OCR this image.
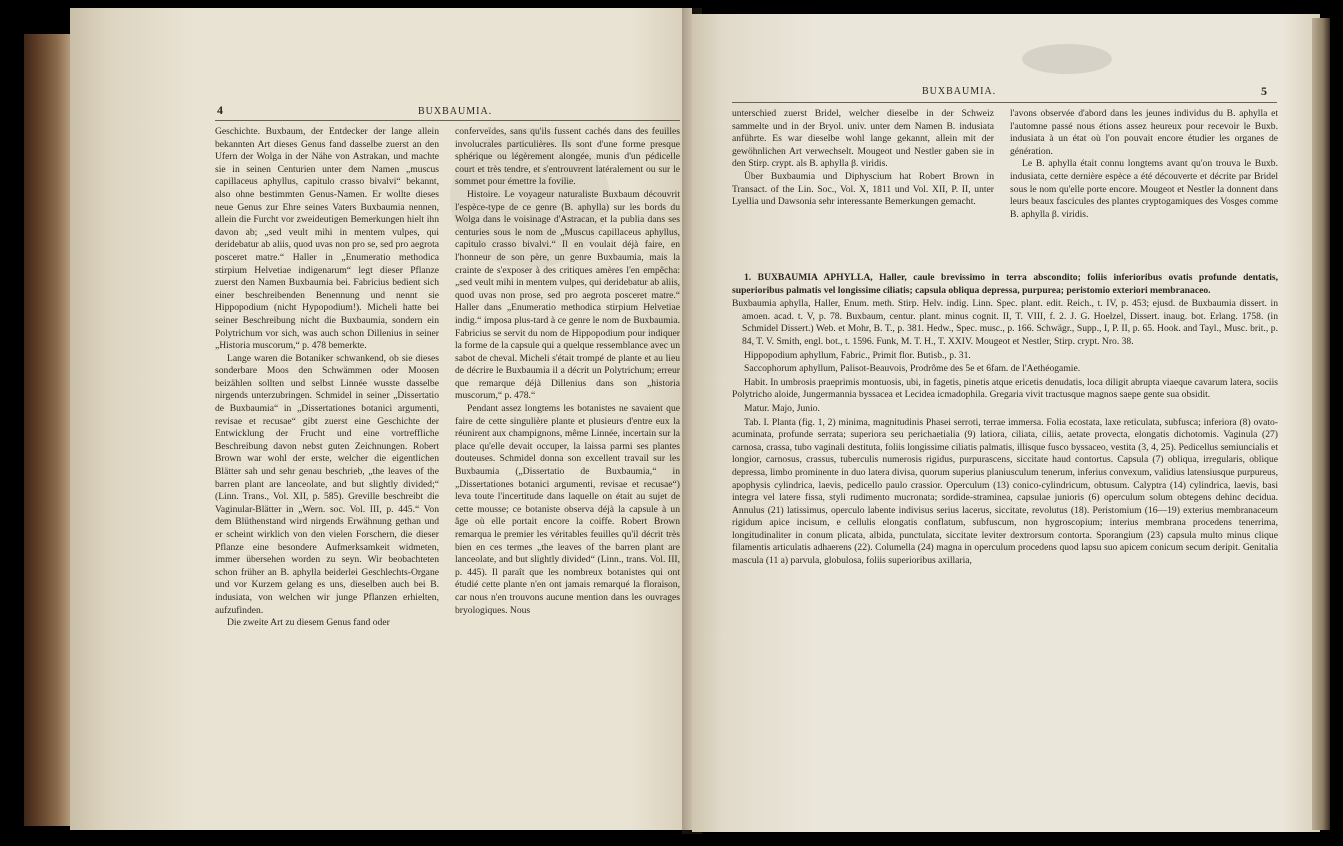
4	BUXBAUMIA.

Geschichte. Buxbaum, der Entdecker der lange allein bekannten Art dieses Genus fand dasselbe zuerst an den Ufern der Wolga in der Nähe von Astrakan, und machte sie in seinen Centurien unter dem Namen „muscus capillaceus aphyllus, capitulo crasso bivalvi“ bekannt, also ohne bestimmten Genus-Namen. Er wollte dieses neue Genus zur Ehre seines Vaters Buxbaumia nennen, allein die Furcht vor zweideutigen Bemerkungen hielt ihn davon ab; „sed veult mihi in mentem vulpes, qui deridebatur ab aliis, quod uvas non pro se, sed pro aegrota posceret matre.“ Haller in „Enumeratio methodica stirpium Helvetiae indigenarum“ legt dieser Pflanze zuerst den Namen Buxbaumia bei. Fabricius bedient sich einer beschreibenden Benennung und nennt sie Hippopodium (nicht Hypopodium!). Micheli hatte bei seiner Beschreibung nicht die Buxbaumia, sondern ein Polytrichum vor sich, was auch schon Dillenius in seiner „Historia muscorum,“ p. 478 bemerkte.

Lange waren die Botaniker schwankend, ob sie dieses sonderbare Moos den Schwämmen oder Moosen beizählen sollten und selbst Linnée wusste dasselbe nirgends unterzubringen. Schmidel in seiner „Dissertatio de Buxbaumia“ in „Dissertationes botanici argumenti, revisae et recusae“ gibt zuerst eine Geschichte der Entwicklung der Frucht und eine vortreffliche Beschreibung davon nebst guten Zeichnungen. Robert Brown war wohl der erste, welcher die eigentlichen Blätter sah und sehr genau beschrieb, „the leaves of the barren plant are lanceolate, and but slightly divided;“ (Linn. Trans., Vol. XII, p. 585). Greville beschreibt die Vaginular-Blätter in „Wern. soc. Vol. III, p. 445.“ Von dem Blüthenstand wird nirgends Erwähnung gethan und er scheint wirklich von den vielen Forschern, die dieser Pflanze eine besondere Aufmerksamkeit widmeten, immer übersehen worden zu seyn. Wir beobachteten schon früher an B. aphylla beiderlei Geschlechts-Organe und vor Kurzem gelang es uns, dieselben auch bei B. indusiata, von welchen wir junge Pflanzen erhielten, aufzufinden.

Die zweite Art zu diesem Genus fand oder

conferveïdes, sans qu'ils fussent cachés dans des feuilles involucrales particulières. Ils sont d'une forme presque sphérique ou légèrement alongée, munis d'un pédicelle court et très tendre, et s'entrouvrent latéralement ou sur le sommet pour émettre la fovilie.

Histoire. Le voyageur naturaliste Buxbaum découvrit l'espèce-type de ce genre (B. aphylla) sur les bords du Wolga dans le voisinage d'Astracan, et la publia dans ses centuries sous le nom de „Muscus capillaceus aphyllus, capitulo crasso bivalvi.“ Il en voulait déjà faire, en l'honneur de son père, un genre Buxbaumia, mais la crainte de s'exposer à des critiques amères l'en empêcha: „sed veult mihi in mentem vulpes, qui deridebatur ab aliis, quod uvas non prose, sed pro aegrota posceret matre.“ Haller dans „Enumeratio methodica stirpium Helvetiae indig.“ imposa plus-tard à ce genre le nom de Buxbaumia. Fabricius se servit du nom de Hippopodium pour indiquer la forme de la capsule qui a quelque ressemblance avec un sabot de cheval. Micheli s'était trompé de plante et au lieu de décrire le Buxbaumia il a décrit un Polytrichum; erreur que remarque déjà Dillenius dans son „historia muscorum,“ p. 478.“

Pendant assez longtems les botanistes ne savaient que faire de cette singulière plante et plusieurs d'entre eux la réunirent aux champignons, même Linnée, incertain sur la place qu'elle devait occuper, la laissa parmi ses plantes douteuses. Schmidel donna son excellent travail sur les Buxbaumia („Dissertatio de Buxbaumia,“ in „Dissertationes botanici argumenti, revisae et recusae“) leva toute l'incertitude dans laquelle on était au sujet de cette mousse; ce botaniste observa déjà la capsule à un âge où elle portait encore la coiffe. Robert Brown remarqua le premier les véritables feuilles qu'il décrit très bien en ces termes „the leaves of the barren plant are lanceolate, and but slightly divided“ (Linn., trans. Vol. III, p. 445). Il paraît que les nombreux botanistes qui ont étudié cette plante n'en ont jamais remarqué la floraison, car nous n'en trouvons aucune mention dans les ouvrages bryologiques. Nous

BUXBAUMIA.	5

unterschied zuerst Bridel, welcher dieselbe in der Schweiz sammelte und in der Bryol. univ. unter dem Namen B. indusiata anführte. Es war dieselbe wohl lange gekannt, allein mit der gewöhnlichen Art verwechselt. Mougeot und Nestler gaben sie in den Stirp. crypt. als B. aphylla β. viridis.

Über Buxbaumia und Diphyscium hat Robert Brown in Transact. of the Lin. Soc., Vol. X, 1811 und Vol. XII, P. II, unter Lyellia und Dawsonia sehr interessante Bemerkungen gemacht.

l'avons observée d'abord dans les jeunes individus du B. aphylla et l'automne passé nous étions assez heureux pour recevoir le Buxb. indusiata à un état où l'on pouvait encore étudier les organes de génération.

Le B. aphylla était connu longtems avant qu'on trouva le Buxb. indusiata, cette dernière espèce a été découverte et décrite par Bridel sous le nom qu'elle porte encore. Mougeot et Nestler la donnent dans leurs beaux fascicules des plantes cryptogamiques des Vosges comme B. aphylla β. viridis.

1. BUXBAUMIA APHYLLA, Haller, caule brevissimo in terra abscondito; foliis inferioribus ovatis profunde dentatis, superioribus palmatis vel longissime ciliatis; capsula obliqua depressa, purpurea; peristomio exteriori membranaceo.

Buxbaumia aphylla, Haller, Enum. meth. Stirp. Helv. indig. Linn. Spec. plant. edit. Reich., t. IV, p. 453; ejusd. de Buxbaumia dissert. in amoen. acad. t. V, p. 78. Buxbaum, centur. plant. minus cognit. II, T. VIII, f. 2. J. G. Hoelzel, Dissert. inaug. bot. Erlang. 1758. (in Schmidel Dissert.) Web. et Mohr, B. T., p. 381. Hedw., Spec. musc., p. 166. Schwägr., Supp., I, P. II, p. 65. Hook. and Tayl., Musc. brit., p. 84, T. V. Smith, engl. bot., t. 1596. Funk, M. T. H., T. XXIV. Mougeot et Nestler, Stirp. crypt. Nro. 38.

Hippopodium aphyllum, Fabric., Primit flor. Butisb., p. 31.

Saccophorum aphyllum, Palisot-Beauvois, Prodrôme des 5e et 6fam. de l'Aethéogamie.

Habit. In umbrosis praeprimis montuosis, ubi, in fagetis, pinetis atque ericetis denudatis, loca diligit abrupta viaeque cavarum latera, sociis Polytricho aloide, Jungermannia byssacea et Lecidea icmadophila. Gregaria vivit tractusque magnos saepe gente sua obsidit.

Matur. Majo, Junio.

Tab. I. Planta (fig. 1, 2) minima, magnitudinis Phasei serroti, terrae immersa. Folia ecostata, laxe reticulata, subfusca; inferiora (8) ovato-acuminata, profunde serrata; superiora seu perichaetialia (9) latiora, ciliata, ciliis, aetate provecta, elongatis dichotomis. Vaginula (27) carnosa, crassa, tubo vaginali destituta, foliis longissime ciliatis palmatis, illisque fusco byssaceo, vestita (3, 4, 25). Pedicellus semiuncialis et longior, carnosus, crassus, tuberculis numerosis rigidus, purpurascens, siccitate haud contortus. Capsula (7) obliqua, irregularis, oblique depressa, limbo prominente in duo latera divisa, quorum superius planiusculum tenerum, inferius convexum, validius latensiusque purpureus, apophysis cylindrica, laevis, pedicello paulo crassior. Operculum (13) conico-cylindricum, obtusum. Calyptra (14) cylindrica, laevis, basi integra vel latere fissa, styli rudimento mucronata; sordide-straminea, capsulae junioris (6) operculum solum obtegens dehinc decidua. Annulus (21) latissimus, operculo labente indivisus serius lacerus, siccitate, revolutus (18). Peristomium (16—19) exterius membranaceum rigidum apice incisum, e cellulis elongatis conflatum, subfuscum, non hygroscopium; interius membrana procedens tenerrima, longitudinaliter in conum plicata, albida, punctulata, siccitate leviter dextrorsum contorta. Sporangium (23) capsula multo minus clique filamentis articulatis adhaerens (22). Columella (24) magna in operculum procedens quod lapsu suo apicem conicum secum deripit. Genitalia mascula (11 a) parvula, globulosa, foliis superioribus axillaria,
